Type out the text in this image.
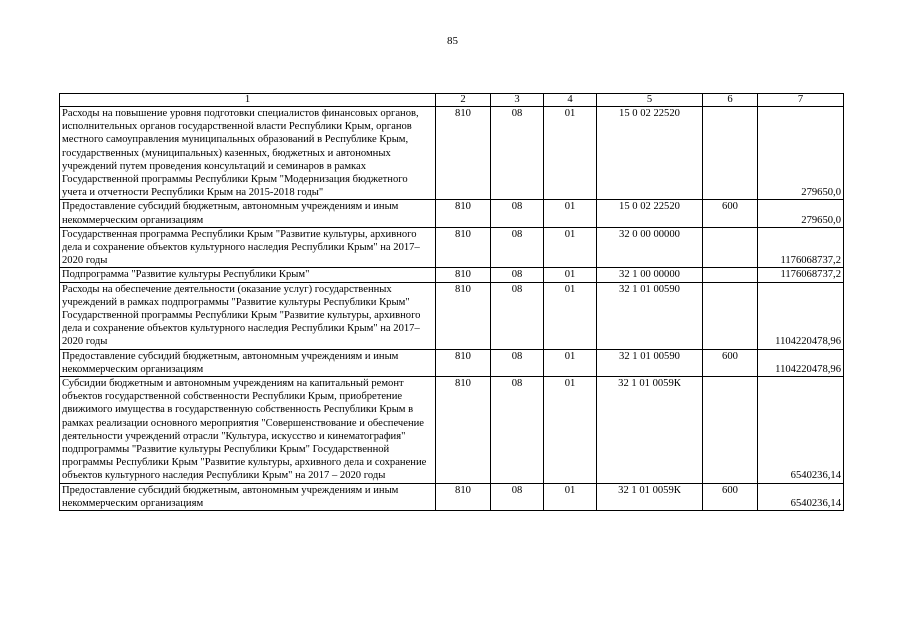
85
1	2	3	4	5	6	7
Расходы на повышение уровня подготовки специалистов финансовых органов, исполнительных органов государственной власти Республики Крым, органов местного самоуправления муниципальных образований в Республике Крым, государственных (муниципальных) казенных, бюджетных и автономных учреждений путем проведения консультаций и семинаров в рамках Государственной программы Республики Крым "Модернизация бюджетного учета и отчетности Республики Крым на 2015-2018 годы"	810	08	01	15 0 02 22520		279650,0
Предоставление субсидий бюджетным, автономным учреждениям и иным некоммерческим организациям	810	08	01	15 0 02 22520	600	279650,0
Государственная программа Республики Крым "Развитие культуры, архивного дела и сохранение объектов культурного наследия Республики Крым" на 2017–2020 годы	810	08	01	32 0 00 00000		1176068737,2
Подпрограмма "Развитие культуры Республики Крым"	810	08	01	32 1 00 00000		1176068737,2
Расходы на обеспечение деятельности (оказание услуг) государственных учреждений в рамках подпрограммы "Развитие культуры Республики Крым" Государственной программы Республики Крым "Развитие культуры, архивного дела и сохранение объектов культурного наследия Республики Крым" на 2017–2020 годы	810	08	01	32 1 01 00590		1104220478,96
Предоставление субсидий бюджетным, автономным учреждениям и иным некоммерческим организациям	810	08	01	32 1 01 00590	600	1104220478,96
Субсидии бюджетным и автономным учреждениям на капитальный ремонт объектов государственной собственности Республики Крым, приобретение движимого имущества в государственную собственность Республики Крым в рамках реализации основного мероприятия "Совершенствование и обеспечение деятельности учреждений отрасли "Культура, искусство и кинематография" подпрограммы "Развитие культуры Республики Крым" Государственной программы Республики Крым "Развитие культуры, архивного дела и сохранение объектов культурного наследия Республики Крым" на 2017 – 2020 годы	810	08	01	32 1 01 0059К		6540236,14
Предоставление субсидий бюджетным, автономным учреждениям и иным некоммерческим организациям	810	08	01	32 1 01 0059К	600	6540236,14
